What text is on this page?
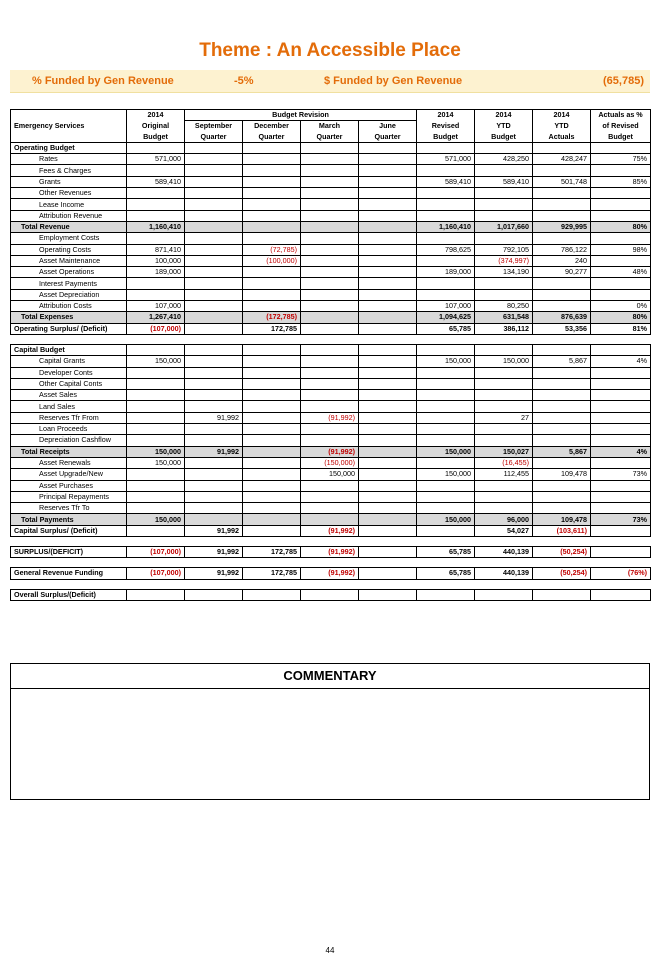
Theme : An Accessible Place
% Funded by Gen Revenue	-5%	$ Funded by Gen Revenue	(65,785)
	2014	Budget Revision				2014	2014	2014	Actuals as %
Emergency Services	Original	September	December	March	June	Revised	YTD	YTD	of Revised
	Budget	Quarter	Quarter	Quarter	Quarter	Budget	Budget	Actuals	Budget
Operating Budget									
Rates	571,000					571,000	428,250	428,247	75%
Fees & Charges									
Grants	589,410					589,410	589,410	501,748	85%
Other Revenues									
Lease Income									
Attribution Revenue									
Total Revenue	1,160,410					1,160,410	1,017,660	929,995	80%
Employment Costs									
Operating Costs	871,410		(72,785)			798,625	792,105	786,122	98%
Asset Maintenance	100,000		(100,000)				(374,997)	240	
Asset Operations	189,000					189,000	134,190	90,277	48%
Interest Payments									
Asset Depreciation									
Attribution Costs	107,000					107,000	80,250		0%
Total Expenses	1,267,410		(172,785)			1,094,625	631,548	876,639	80%
Operating Surplus/ (Deficit)	(107,000)		172,785			65,785	386,112	53,356	81%

Capital Budget									
Capital Grants	150,000					150,000	150,000	5,867	4%
Developer Conts									
Other Capital Conts									
Asset Sales									
Land Sales									
Reserves Tfr From		91,992		(91,992)			27		
Loan Proceeds									
Depreciation Cashflow									
Total Receipts	150,000	91,992		(91,992)		150,000	150,027	5,867	4%
Asset Renewals	150,000			(150,000)			(16,455)		
Asset Upgrade/New				150,000		150,000	112,455	109,478	73%
Asset Purchases									
Principal Repayments									
Reserves Tfr To									
Total Payments	150,000					150,000	96,000	109,478	73%
Capital Surplus/ (Deficit)		91,992		(91,992)			54,027	(103,611)	

SURPLUS/(DEFICIT)	(107,000)	91,992	172,785	(91,992)		65,785	440,139	(50,254)	

General Revenue Funding	(107,000)	91,992	172,785	(91,992)		65,785	440,139	(50,254)	(76%)

Overall Surplus/(Deficit)									
COMMENTARY
44
